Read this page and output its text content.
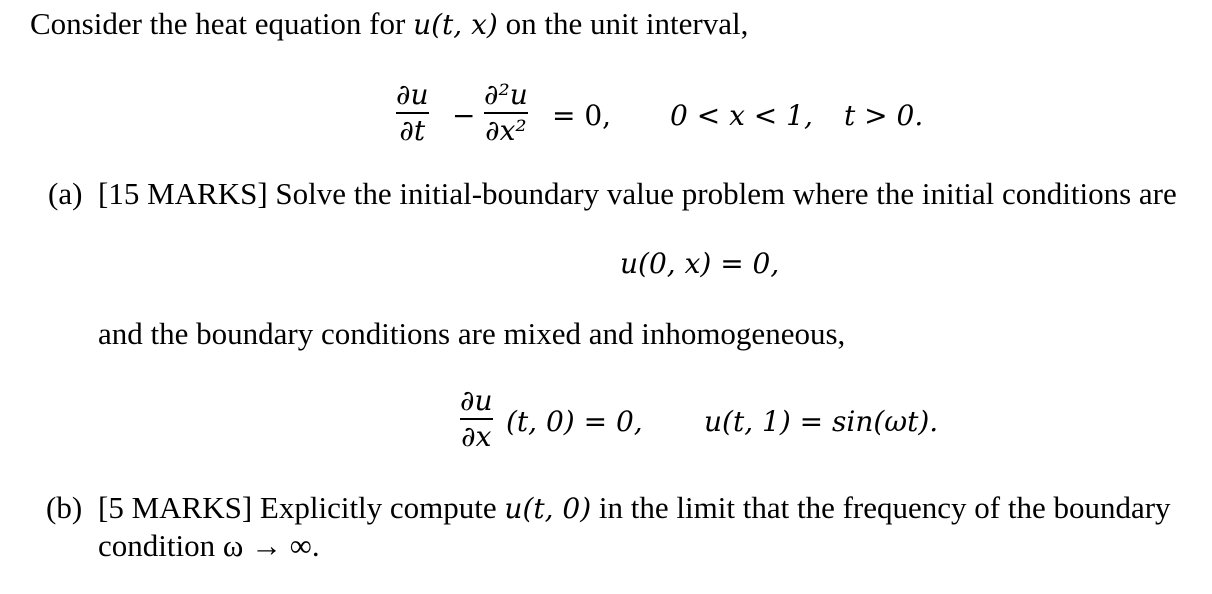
Consider the heat equation for u(t, x) on the unit interval,
∂u
∂t −
∂²u
∂x² = 0, 0 < x < 1, t > 0.
(a) [15 MARKS] Solve the initial-boundary value problem where the initial conditions are
u(0, x) = 0,
and the boundary conditions are mixed and inhomogeneous,
∂u
∂x (t, 0) = 0, u(t, 1) = sin(ωt).
(b) [5 MARKS] Explicitly compute u(t, 0) in the limit that the frequency of the boundary
condition ω → ∞.
